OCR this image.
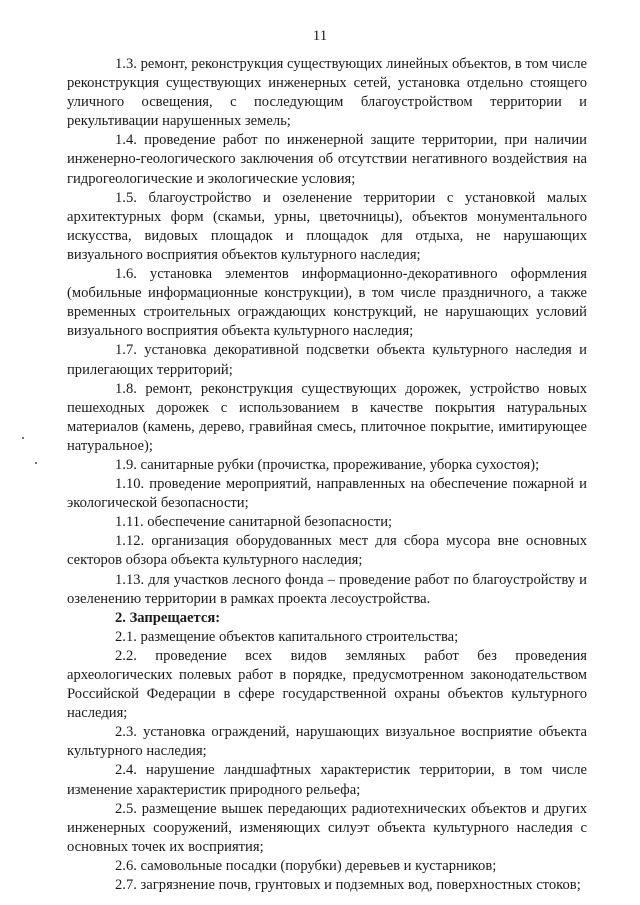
11

1.3. ремонт, реконструкция существующих линейных объектов, в том числе реконструкция существующих инженерных сетей, установка отдельно стоящего уличного освещения, с последующим благоустройством территории и рекультивации нарушенных земель;

1.4. проведение работ по инженерной защите территории, при наличии инженерно-геологического заключения об отсутствии негативного воздействия на гидрогеологические и экологические условия;

1.5. благоустройство и озеленение территории с установкой малых архитектурных форм (скамьи, урны, цветочницы), объектов монументального искусства, видовых площадок и площадок для отдыха, не нарушающих визуального восприятия объектов культурного наследия;

1.6. установка элементов информационно-декоративного оформления (мобильные информационные конструкции), в том числе праздничного, а также временных строительных ограждающих конструкций, не нарушающих условий визуального восприятия объекта культурного наследия;

1.7. установка декоративной подсветки объекта культурного наследия и прилегающих территорий;

1.8. ремонт, реконструкция существующих дорожек, устройство новых пешеходных дорожек с использованием в качестве покрытия натуральных материалов (камень, дерево, гравийная смесь, плиточное покрытие, имитирующее натуральное);

1.9. санитарные рубки (прочистка, прореживание, уборка сухостоя);

1.10. проведение мероприятий, направленных на обеспечение пожарной и экологической безопасности;

1.11. обеспечение санитарной безопасности;

1.12. организация оборудованных мест для сбора мусора вне основных секторов обзора объекта культурного наследия;

1.13. для участков лесного фонда – проведение работ по благоустройству и озеленению территории в рамках проекта лесоустройства.

2. Запрещается:

2.1. размещение объектов капитального строительства;

2.2. проведение всех видов земляных работ без проведения археологических полевых работ в порядке, предусмотренном законодательством Российской Федерации в сфере государственной охраны объектов культурного наследия;

2.3. установка ограждений, нарушающих визуальное восприятие объекта культурного наследия;

2.4. нарушение ландшафтных характеристик территории, в том числе изменение характеристик природного рельефа;

2.5. размещение вышек передающих радиотехнических объектов и других инженерных сооружений, изменяющих силуэт объекта культурного наследия с основных точек их восприятия;

2.6. самовольные посадки (порубки) деревьев и кустарников;

2.7. загрязнение почв, грунтовых и подземных вод, поверхностных стоков;
